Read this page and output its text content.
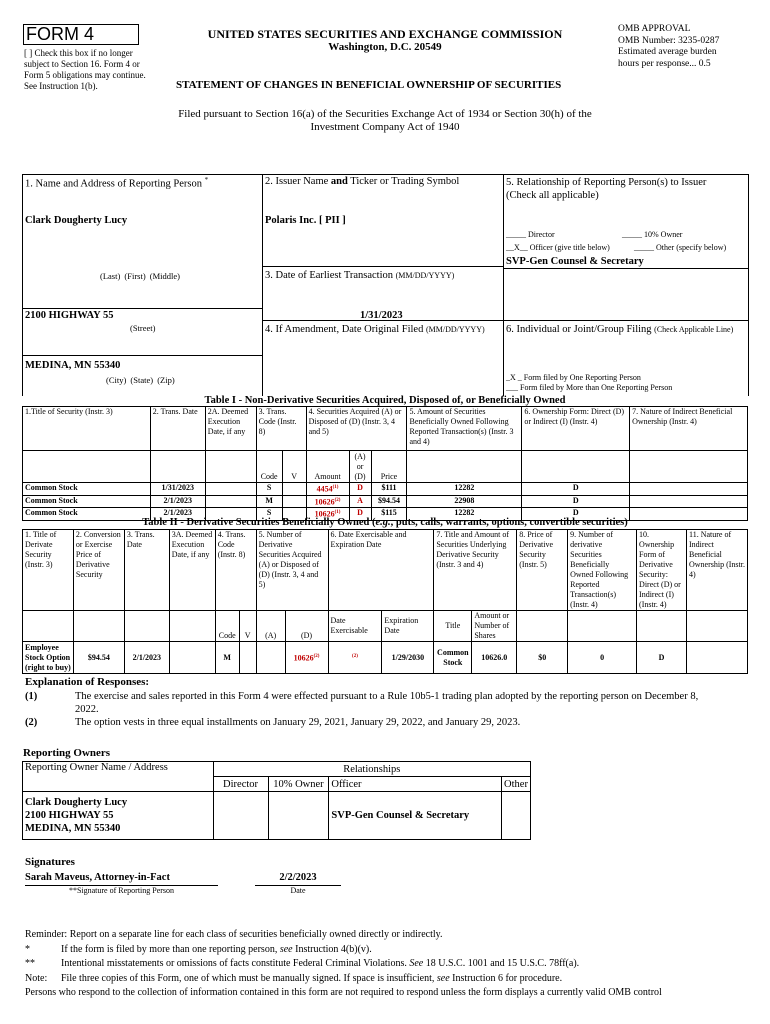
FORM 4
[ ] Check this box if no longer subject to Section 16. Form 4 or Form 5 obligations may continue. See Instruction 1(b).
UNITED STATES SECURITIES AND EXCHANGE COMMISSION
Washington, D.C. 20549
OMB APPROVAL
OMB Number: 3235-0287
Estimated average burden
hours per response... 0.5
STATEMENT OF CHANGES IN BENEFICIAL OWNERSHIP OF SECURITIES
Filed pursuant to Section 16(a) of the Securities Exchange Act of 1934 or Section 30(h) of the
Investment Company Act of 1940
1. Name and Address of Reporting Person *
Clark Dougherty Lucy
(Last) (First) (Middle)
2100 HIGHWAY 55
(Street)
MEDINA, MN 55340
(City) (State) (Zip)
2. Issuer Name and Ticker or Trading Symbol
Polaris Inc. [ PII ]
3. Date of Earliest Transaction (MM/DD/YYYY)
1/31/2023
4. If Amendment, Date Original Filed (MM/DD/YYYY)
5. Relationship of Reporting Person(s) to Issuer
(Check all applicable)
_____ Director	_____ 10% Owner
__X__ Officer (give title below)	_____ Other (specify below)
SVP-Gen Counsel & Secretary
6. Individual or Joint/Group Filing (Check Applicable Line)
_X _ Form filed by One Reporting Person
___ Form filed by More than One Reporting Person
Table I - Non-Derivative Securities Acquired, Disposed of, or Beneficially Owned
1.Title of Security (Instr. 3)	2. Trans. Date	2A. Deemed Execution Date, if any	3. Trans. Code (Instr. 8)		4. Securities Acquired (A) or Disposed of (D) (Instr. 3, 4 and 5)			5. Amount of Securities Beneficially Owned Following Reported Transaction(s) (Instr. 3 and 4)	6. Ownership Form: Direct (D) or Indirect (I) (Instr. 4)	7. Nature of Indirect Beneficial Ownership (Instr. 4)
			Code	V	Amount	(A) or (D)	Price			
Common Stock	1/31/2023		S		4454$^{(1)}$	D	$111	12282	D	
Common Stock	2/1/2023		M		10626$^{(2)}$	A	$94.54	22908	D	
Common Stock	2/1/2023		S		10626$^{(1)}$	D	$115	12282	D	
Table II - Derivative Securities Beneficially Owned (e.g., puts, calls, warrants, options, convertible securities)
1. Title of Derivate Security (Instr. 3)	2. Conversion or Exercise Price of Derivative Security	3. Trans. Date	3A. Deemed Execution Date, if any	4. Trans. Code (Instr. 8)		5. Number of Derivative Securities Acquired (A) or Disposed of (D) (Instr. 3, 4 and 5)		6. Date Exercisable and Expiration Date		7. Title and Amount of Securities Underlying Derivative Security (Instr. 3 and 4)		8. Price of Derivative Security (Instr. 5)	9. Number of derivative Securities Beneficially Owned Following Reported Transaction(s) (Instr. 4)	10. Ownership Form of Derivative Security: Direct (D) or Indirect (I) (Instr. 4)	11. Nature of Indirect Beneficial Ownership (Instr. 4)
				Code	V	(A)	(D)	Date Exercisable	Expiration Date	Title	Amount or Number of Shares				
Employee Stock Option (right to buy)	$94.54	2/1/2023		M			10626$^{(2)}$	$^{(2)}$	1/29/2030	Common Stock	10626.0	$0	0	D	
Explanation of Responses:
(1)	The exercise and sales reported in this Form 4 were effected pursuant to a Rule 10b5-1 trading plan adopted by the reporting person on December 8,
2022.
(2)	The option vests in three equal installments on January 29, 2021, January 29, 2022, and January 29, 2023.
Reporting Owners
Reporting Owner Name / Address	Relationships			
	Director	10% Owner	Officer	Other

Clark Dougherty Lucy
2100 HIGHWAY 55
MEDINA, MN 55340			SVP-Gen Counsel & Secretary	
Signatures
Sarah Maveus, Attorney-in-Fact
**Signature of Reporting Person
2/2/2023
Date
Reminder: Report on a separate line for each class of securities beneficially owned directly or indirectly.
*	If the form is filed by more than one reporting person, see Instruction 4(b)(v).
**	Intentional misstatements or omissions of facts constitute Federal Criminal Violations. See 18 U.S.C. 1001 and 15 U.S.C. 78ff(a).
Note:	File three copies of this Form, one of which must be manually signed. If space is insufficient, see Instruction 6 for procedure.
Persons who respond to the collection of information contained in this form are not required to respond unless the form displays a currently valid OMB control
